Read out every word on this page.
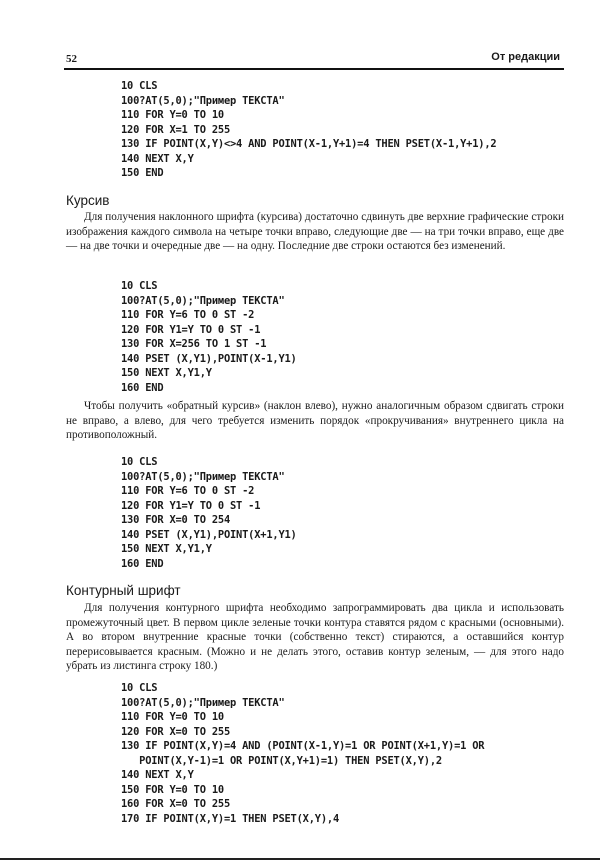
52	От редакции
10 CLS
100?AT(5,0);"Пример ТЕКСТА"
110 FOR Y=0 TO 10
120 FOR X=1 TO 255
130 IF POINT(X,Y)<>4 AND POINT(X-1,Y+1)=4 THEN PSET(X-1,Y+1),2
140 NEXT X,Y
150 END
Курсив

Для получения наклонного шрифта (курсива) достаточно сдвинуть две верхние графические строки изображения каждого символа на четыре точки вправо, следующие две — на три точки вправо, еще две — на две точки и очередные две — на одну. Последние две строки остаются без изменений.

10 CLS
100?AT(5,0);"Пример ТЕКСТА"
110 FOR Y=6 TO 0 ST -2
120 FOR Y1=Y TO 0 ST -1
130 FOR X=256 TO 1 ST -1
140 PSET (X,Y1),POINT(X-1,Y1)
150 NEXT X,Y1,Y
160 END

Чтобы получить «обратный курсив» (наклон влево), нужно аналогичным образом сдвигать строки не вправо, а влево, для чего требуется изменить порядок «прокручивания» внутреннего цикла на противоположный.

10 CLS
100?AT(5,0);"Пример ТЕКСТА"
110 FOR Y=6 TO 0 ST -2
120 FOR Y1=Y TO 0 ST -1
130 FOR X=0 TO 254
140 PSET (X,Y1),POINT(X+1,Y1)
150 NEXT X,Y1,Y
160 END
Контурный шрифт

Для получения контурного шрифта необходимо запрограммировать два цикла и использовать промежуточный цвет. В первом цикле зеленые точки контура ставятся рядом с красными (основными). А во втором внутренние красные точки (собственно текст) стираются, а оставшийся контур перерисовывается красным. (Можно и не делать этого, оставив контур зеленым, — для этого надо убрать из листинга строку 180.)

10 CLS
100?AT(5,0);"Пример ТЕКСТА"
110 FOR Y=0 TO 10
120 FOR X=0 TO 255
130 IF POINT(X,Y)=4 AND (POINT(X-1,Y)=1 OR POINT(X+1,Y)=1 OR
POINT(X,Y-1)=1 OR POINT(X,Y+1)=1) THEN PSET(X,Y),2
140 NEXT X,Y
150 FOR Y=0 TO 10
160 FOR X=0 TO 255
170 IF POINT(X,Y)=1 THEN PSET(X,Y),4
